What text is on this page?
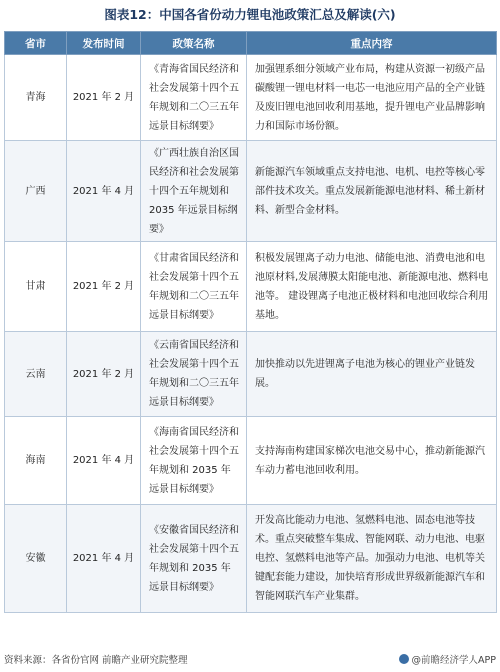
图表12：中国各省份动力锂电池政策汇总及解读(六)
省市	发布时间	政策名称	重点内容
青海	2021 年 2 月	《青海省国民经济和社会发展第十四个五年规划和二〇三五年远景目标纲要》	加强锂系细分领域产业布局，构建从资源一初级产品碳酸锂一锂电材料一电芯一电池应用产品的全产业链及废旧锂电池回收利用基地，提升锂电产业品牌影响力和国际市场份额。
广西	2021 年 4 月	《广西壮族自治区国民经济和社会发展第十四个五年规划和2035 年远景目标纲要》	新能源汽车领域重点支持电池、电机、电控等核心零部件技术攻关。重点发展新能源电池材料、稀土新材料、新型合金材料。
甘肃	2021 年 2 月	《甘肃省国民经济和社会发展第十四个五年规划和二〇三五年远景目标纲要》	积极发展锂离子动力电池、储能电池、消费电池和电池原材料,发展薄膜太阳能电池、新能源电池、燃料电池等。 建设锂离子电池正极材料和电池回收综合利用基地。
云南	2021 年 2 月	《云南省国民经济和社会发展第十四个五年规划和二〇三五年远景目标纲要》	加快推动以先进锂离子电池为核心的锂业产业链发展。
海南	2021 年 4 月	《海南省国民经济和社会发展第十四个五年规划和 2035 年远景目标纲要》	支持海南构建国家梯次电池交易中心，推动新能源汽车动力蓄电池回收利用。
安徽	2021 年 4 月	《安徽省国民经济和社会发展第十四个五年规划和 2035 年远景目标纲要》	开发高比能动力电池、氢燃料电池、固态电池等技术。重点突破整车集成、智能网联、动力电池、电驱电控、氢燃料电池等产品。加强动力电池、电机等关键配套能力建设，加快培育形成世界级新能源汽车和智能网联汽车产业集群。
资料来源：各省份官网 前瞻产业研究院整理	@前瞻经济学人APP
